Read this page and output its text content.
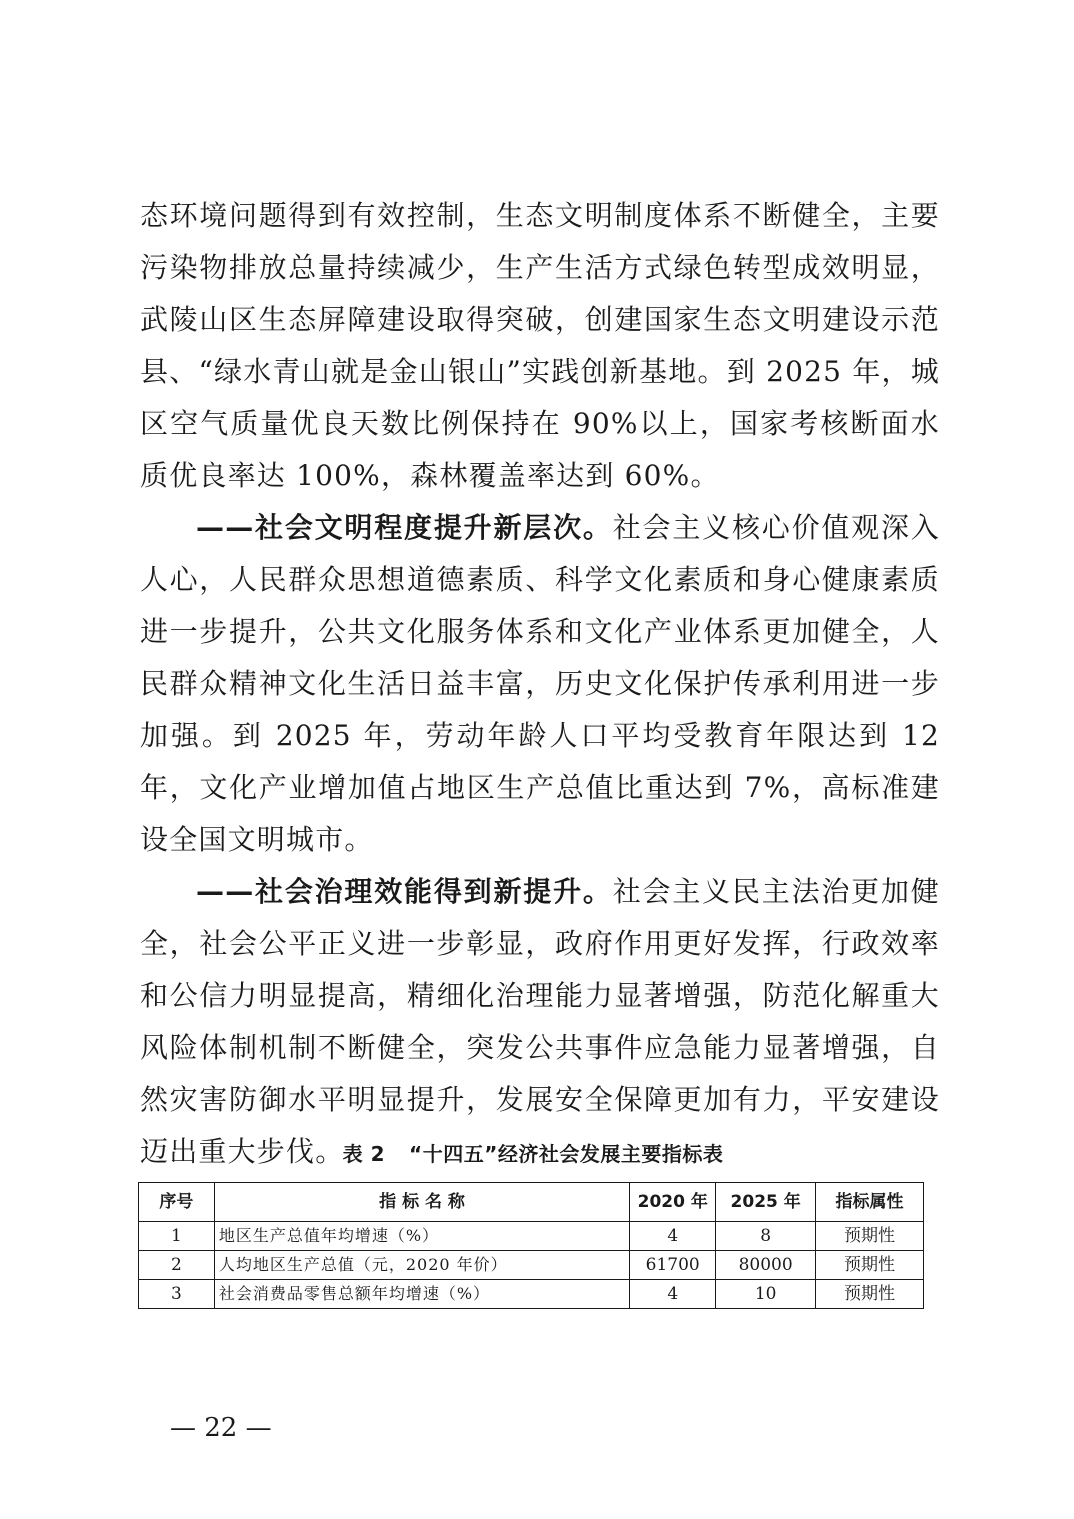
态环境问题得到有效控制，生态文明制度体系不断健全，主要污染物排放总量持续减少，生产生活方式绿色转型成效明显，武陵山区生态屏障建设取得突破，创建国家生态文明建设示范县、“绿水青山就是金山银山”实践创新基地。到 2025 年，城区空气质量优良天数比例保持在 90%以上，国家考核断面水质优良率达 100%，森林覆盖率达到 60%。

——社会文明程度提升新层次。社会主义核心价值观深入人心，人民群众思想道德素质、科学文化素质和身心健康素质进一步提升，公共文化服务体系和文化产业体系更加健全，人民群众精神文化生活日益丰富，历史文化保护传承利用进一步加强。到 2025 年，劳动年龄人口平均受教育年限达到 12 年，文化产业增加值占地区生产总值比重达到 7%，高标准建设全国文明城市。

——社会治理效能得到新提升。社会主义民主法治更加健全，社会公平正义进一步彰显，政府作用更好发挥，行政效率和公信力明显提高，精细化治理能力显著增强，防范化解重大风险体制机制不断健全，突发公共事件应急能力显著增强，自然灾害防御水平明显提升，发展安全保障更加有力，平安建设迈出重大步伐。

表 2 “十四五”经济社会发展主要指标表
序号	指 标 名 称	2020 年	2025 年	指标属性
1	地区生产总值年均增速（%）	4	8	预期性
2	人均地区生产总值（元，2020 年价）	61700	80000	预期性
3	社会消费品零售总额年均增速（%）	4	10	预期性
— 22 —
